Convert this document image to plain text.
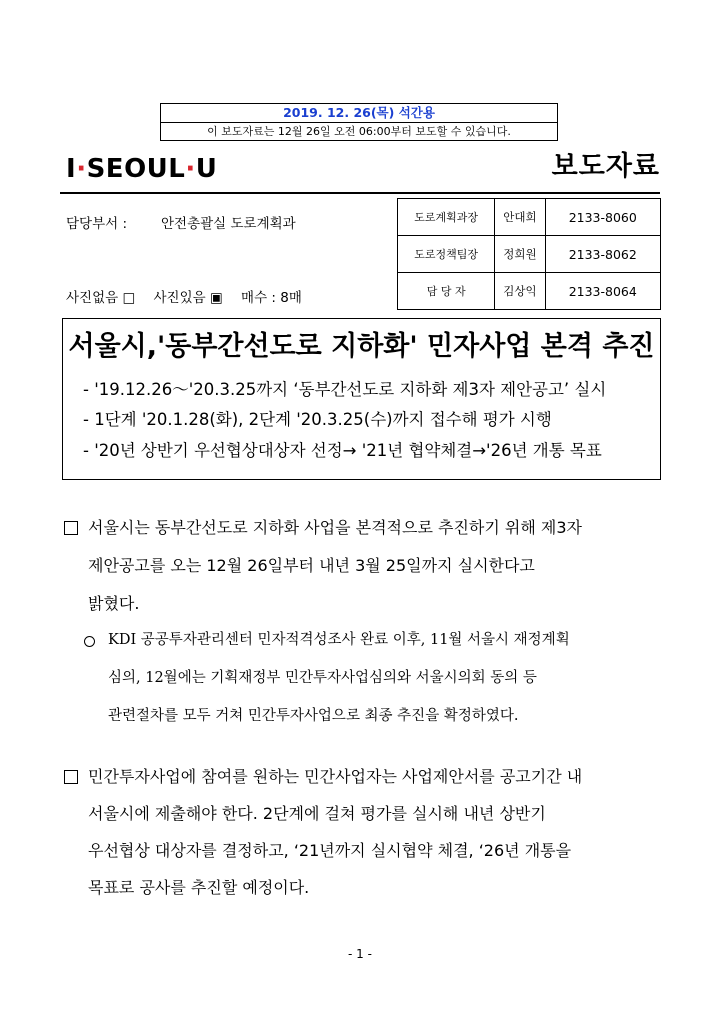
2019. 12. 26(목) 석간용
이 보도자료는 12월 26일 오전 06:00부터 보도할 수 있습니다.
I·SEOUL·U	보도자료
담당부서 :	안전총괄실 도로계획과
사진없음 □ 사진있음 ▣ 매수 : 8매
도로계획과장	안대희	2133-8060
도로정책팀장	정희원	2133-8062
담 당 자	김상익	2133-8064
서울시,'동부간선도로 지하화' 민자사업 본격 추진
- '19.12.26～'20.3.25까지 ‘동부간선도로 지하화 제3자 제안공고’ 실시
- 1단계 '20.1.28(화), 2단계 '20.3.25(수)까지 접수해 평가 시행
- '20년 상반기 우선협상대상자 선정→ '21년 협약체결→'26년 개통 목표
서울시는 동부간선도로 지하화 사업을 본격적으로 추진하기 위해 제3자
제안공고를 오는 12월 26일부터 내년 3월 25일까지 실시한다고
밝혔다.
KDI 공공투자관리센터 민자적격성조사 완료 이후, 11월 서울시 재정계획
심의, 12월에는 기획재정부 민간투자사업심의와 서울시의회 동의 등
관련절차를 모두 거쳐 민간투자사업으로 최종 추진을 확정하였다.
민간투자사업에 참여를 원하는 민간사업자는 사업제안서를 공고기간 내
서울시에 제출해야 한다. 2단계에 걸쳐 평가를 실시해 내년 상반기
우선협상 대상자를 결정하고, ‘21년까지 실시협약 체결, ‘26년 개통을
목표로 공사를 추진할 예정이다.
- 1 -
